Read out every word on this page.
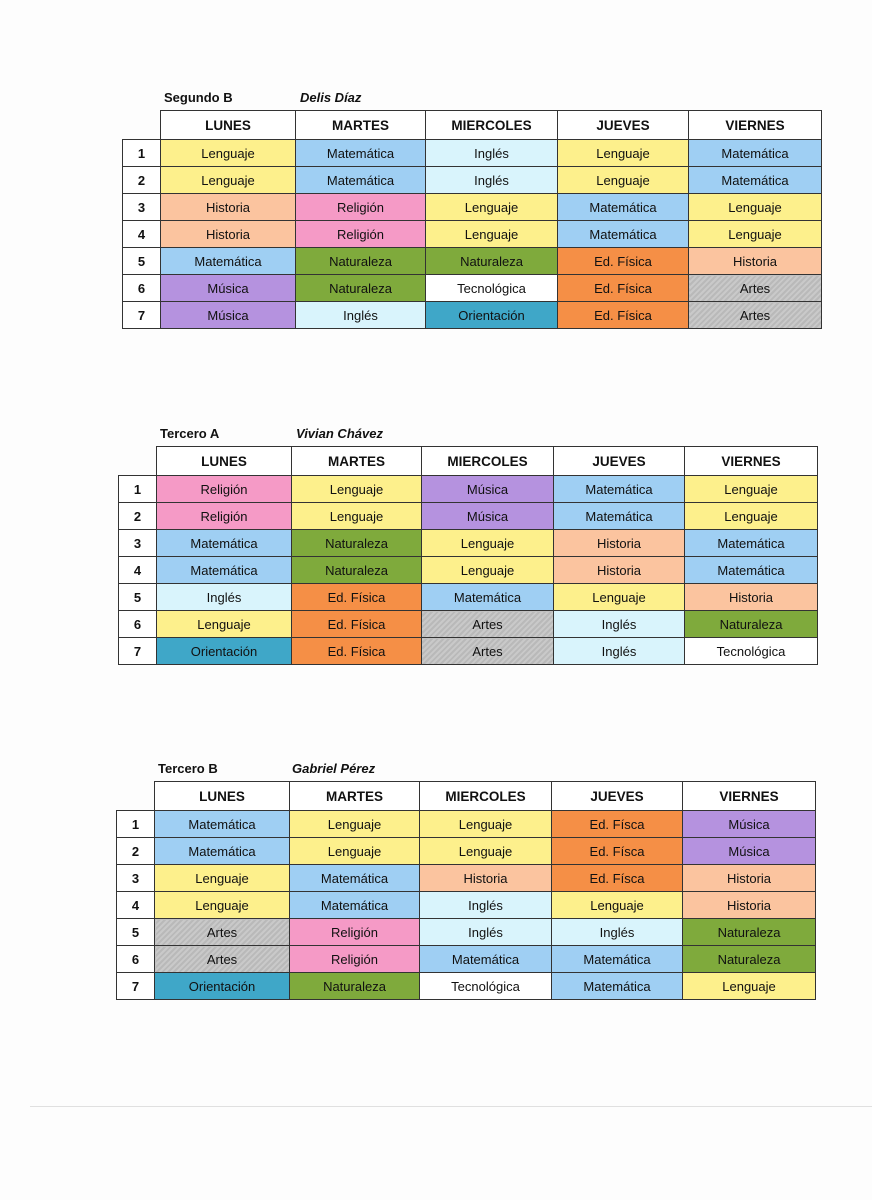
Segundo B	Delis Díaz
	LUNES	MARTES	MIERCOLES	JUEVES	VIERNES
1	Lenguaje	Matemática	Inglés	Lenguaje	Matemática
2	Lenguaje	Matemática	Inglés	Lenguaje	Matemática
3	Historia	Religión	Lenguaje	Matemática	Lenguaje
4	Historia	Religión	Lenguaje	Matemática	Lenguaje
5	Matemática	Naturaleza	Naturaleza	Ed. Física	Historia
6	Música	Naturaleza	Tecnológica	Ed. Física	Artes
7	Música	Inglés	Orientación	Ed. Física	Artes
Tercero A	Vivian Chávez
	LUNES	MARTES	MIERCOLES	JUEVES	VIERNES
1	Religión	Lenguaje	Música	Matemática	Lenguaje
2	Religión	Lenguaje	Música	Matemática	Lenguaje
3	Matemática	Naturaleza	Lenguaje	Historia	Matemática
4	Matemática	Naturaleza	Lenguaje	Historia	Matemática
5	Inglés	Ed. Física	Matemática	Lenguaje	Historia
6	Lenguaje	Ed. Física	Artes	Inglés	Naturaleza
7	Orientación	Ed. Física	Artes	Inglés	Tecnológica
Tercero B	Gabriel Pérez
	LUNES	MARTES	MIERCOLES	JUEVES	VIERNES
1	Matemática	Lenguaje	Lenguaje	Ed. Físca	Música
2	Matemática	Lenguaje	Lenguaje	Ed. Físca	Música
3	Lenguaje	Matemática	Historia	Ed. Físca	Historia
4	Lenguaje	Matemática	Inglés	Lenguaje	Historia
5	Artes	Religión	Inglés	Inglés	Naturaleza
6	Artes	Religión	Matemática	Matemática	Naturaleza
7	Orientación	Naturaleza	Tecnológica	Matemática	Lenguaje
